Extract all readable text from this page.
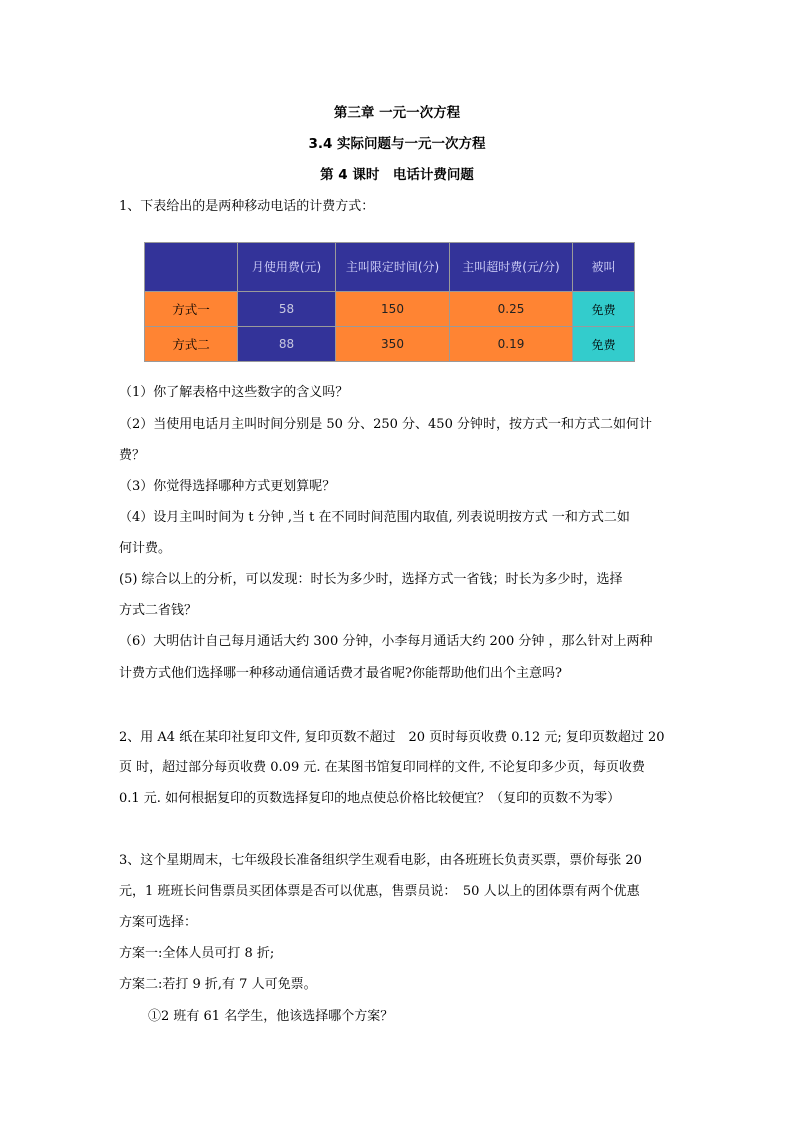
第三章 一元一次方程
3.4 实际问题与一元一次方程
第 4 课时　电话计费问题
1、下表给出的是两种移动电话的计费方式：
	月使用费(元)	主叫限定时间(分)	主叫超时费(元/分)	被叫
方式一	58	150	0.25	免费
方式二	88	350	0.19	免费
（1）你了解表格中这些数字的含义吗？
（2）当使用电话月主叫时间分别是 50 分、250 分、450 分钟时，按方式一和方式二如何计
费？
（3）你觉得选择哪种方式更划算呢？
（4）设月主叫时间为 t 分钟 ,当 t 在不同时间范围内取值, 列表说明按方式 一和方式二如
何计费。
(5) 综合以上的分析，可以发现：时长为多少时，选择方式一省钱；时长为多少时，选择
方式二省钱？
（6）大明估计自己每月通话大约 300 分钟，小李每月通话大约 200 分钟 ，那么针对上两种
计费方式他们选择哪一种移动通信通话费才最省呢?你能帮助他们出个主意吗?
2、用 A4 纸在某印社复印文件, 复印页数不超过　20 页时每页收费 0.12 元; 复印页数超过 20
页 时，超过部分每页收费 0.09 元. 在某图书馆复印同样的文件, 不论复印多少页，每页收费
0.1 元. 如何根据复印的页数选择复印的地点使总价格比较便宜？（复印的页数不为零）
3、这个星期周末，七年级段长准备组织学生观看电影，由各班班长负责买票，票价每张 20
元，1 班班长问售票员买团体票是否可以优惠，售票员说：　50 人以上的团体票有两个优惠
方案可选择：
方案一:全体人员可打 8 折;
方案二:若打 9 折,有 7 人可免票。
①2 班有 61 名学生，他该选择哪个方案？
